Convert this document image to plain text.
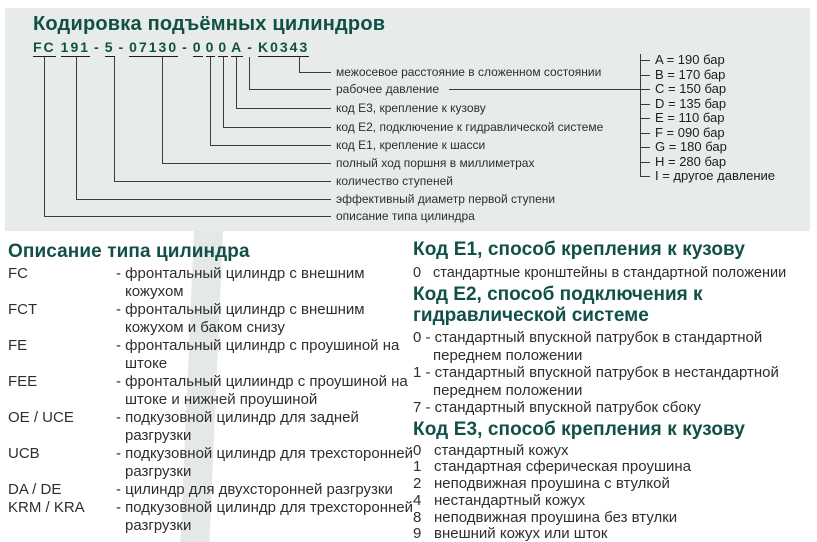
Кодировка подъёмных цилиндров
FC 191 - 5 - 07130 - 0 0 0 A - K0343
межосевое расстояние в сложенном состоянии
рабочее давление
код Е3, крепление к кузову
код Е2, подключение к гидравлической системе
код Е1, крепление к шасси
полный ход поршня в миллиметрах
количество ступеней
эффективный диаметр первой ступени
описание типа цилиндра
A = 190 бар
B = 170 бар
C = 150 бар
D = 135 бар
E = 110 бар
F = 090 бар
G = 180 бар
H = 280 бар
I = другое давление
Описание типа цилиндра
FC	- фронтальный цилиндр с внешним
кожухом
FCT	- фронтальный цилиндр с внешним
кожухом и баком снизу
FE	- фронтальный цилиндр с проушиной на
штоке
FEE	- фронтальный цилииндр с проушиной на
штоке и нижней проушиной
OE / UCE	- подкузовной цилиндр для задней
разгрузки
UCB	- подкузовной цилиндр для трехсторонней
разгрузки
DA / DE	- цилиндр для двухсторонней разгрузки
KRM / KRA	- подкузовной цилиндр для трехсторонней
разгрузки
Код Е1, способ крепления к кузову
0 стандартные кронштейны в стандартной положении
Код Е2, способ подключения к
гидравлической системе
0 - стандартный впускной патрубок в стандартной
переднем положении
1 - стандартный впускной патрубок в нестандартной
переднем положении
7 - стандартный впускной патрубок сбоку
Код Е3, способ крепления к кузову
0 стандартный кожух
1 стандартная сферическая проушина
2 неподвижная проушина с втулкой
4 нестандартный кожух
8 неподвижная проушина без втулки
9 внешний кожух или шток
